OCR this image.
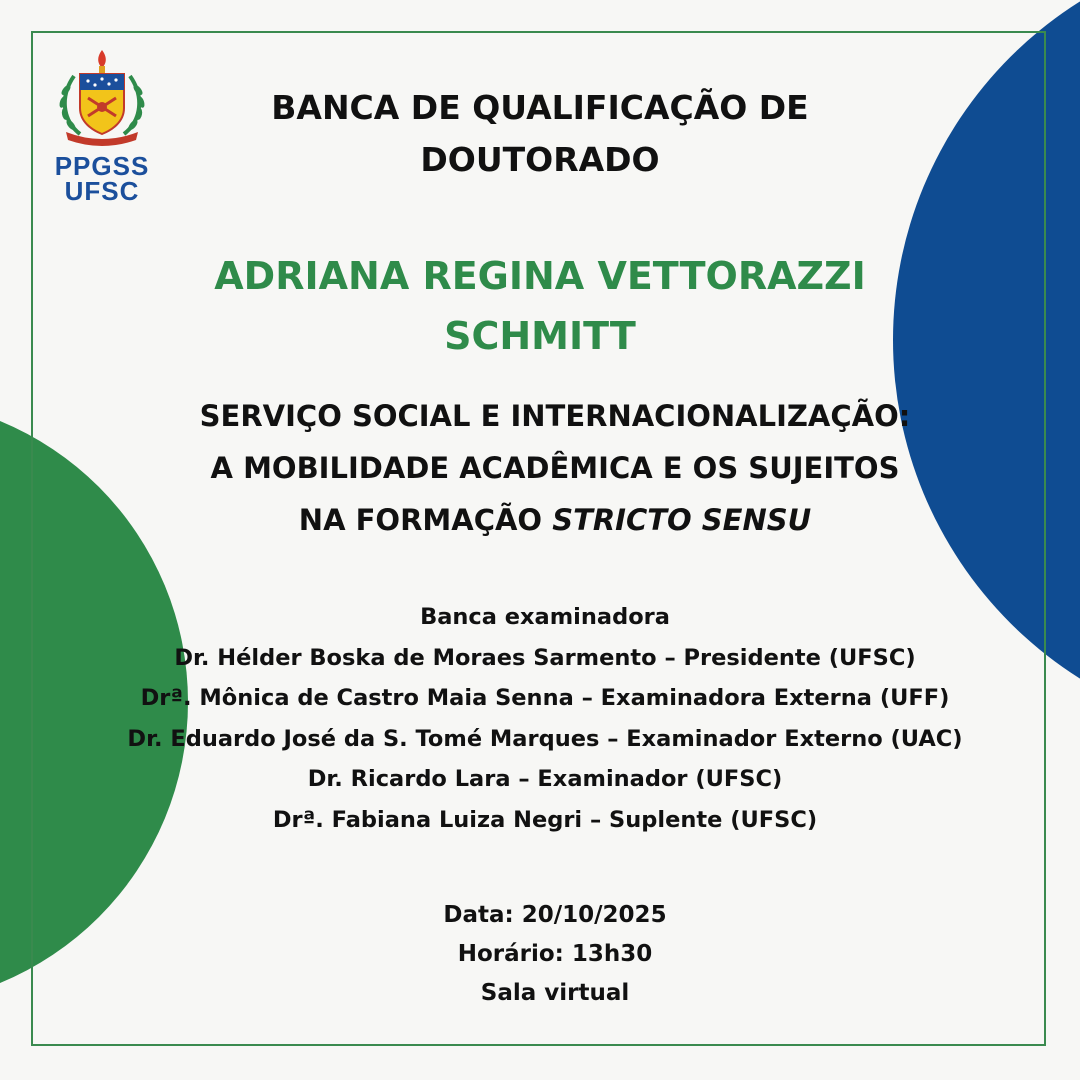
PPGSS
UFSC
BANCA DE QUALIFICAÇÃO DE
DOUTORADO
ADRIANA REGINA VETTORAZZI
SCHMITT
SERVIÇO SOCIAL E INTERNACIONALIZAÇÃO:
A MOBILIDADE ACADÊMICA E OS SUJEITOS
NA FORMAÇÃO STRICTO SENSU
Banca examinadora
Dr. Hélder Boska de Moraes Sarmento – Presidente (UFSC)
Drª. Mônica de Castro Maia Senna – Examinadora Externa (UFF)
Dr. Eduardo José da S. Tomé Marques – Examinador Externo (UAC)
Dr. Ricardo Lara – Examinador (UFSC)
Drª. Fabiana Luiza Negri – Suplente (UFSC)
Data: 20/10/2025
Horário: 13h30
Sala virtual
